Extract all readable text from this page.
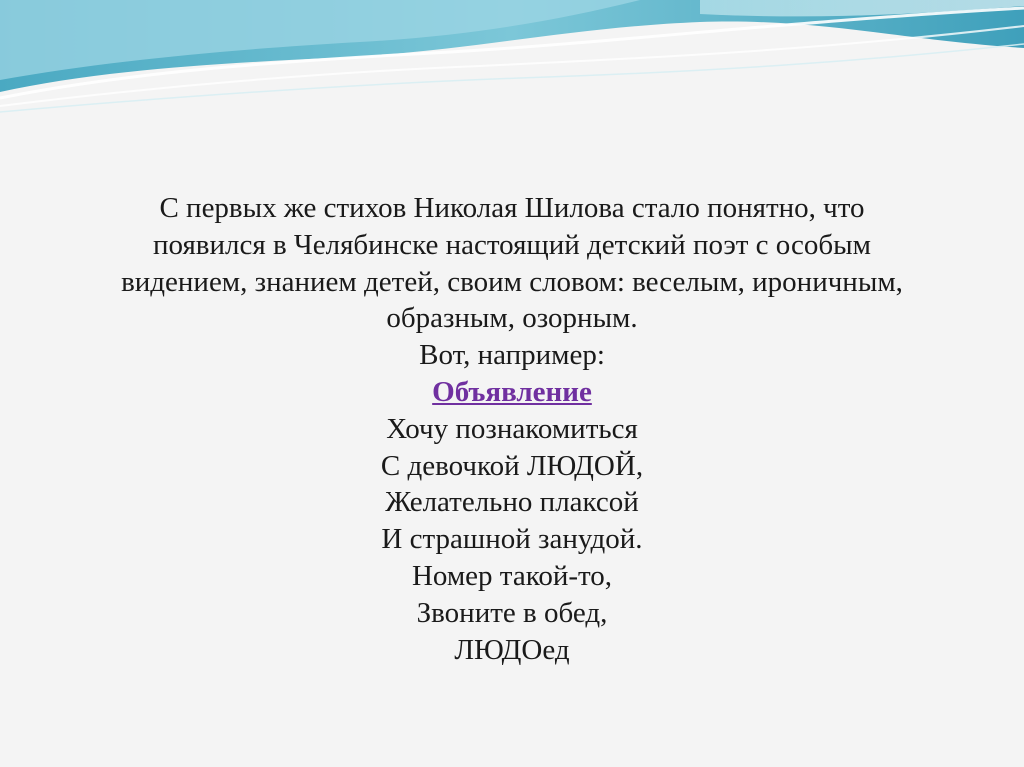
С первых же стихов Николая Шилова стало понятно, что
появился в Челябинске настоящий детский поэт с особым
видением, знанием детей, своим словом: веселым, ироничным,
образным, озорным.
Вот, например:
Объявление
Хочу познакомиться
С девочкой ЛЮДОЙ,
Желательно плаксой
И страшной занудой.
Номер такой-то,
Звоните в обед,
ЛЮДОед
